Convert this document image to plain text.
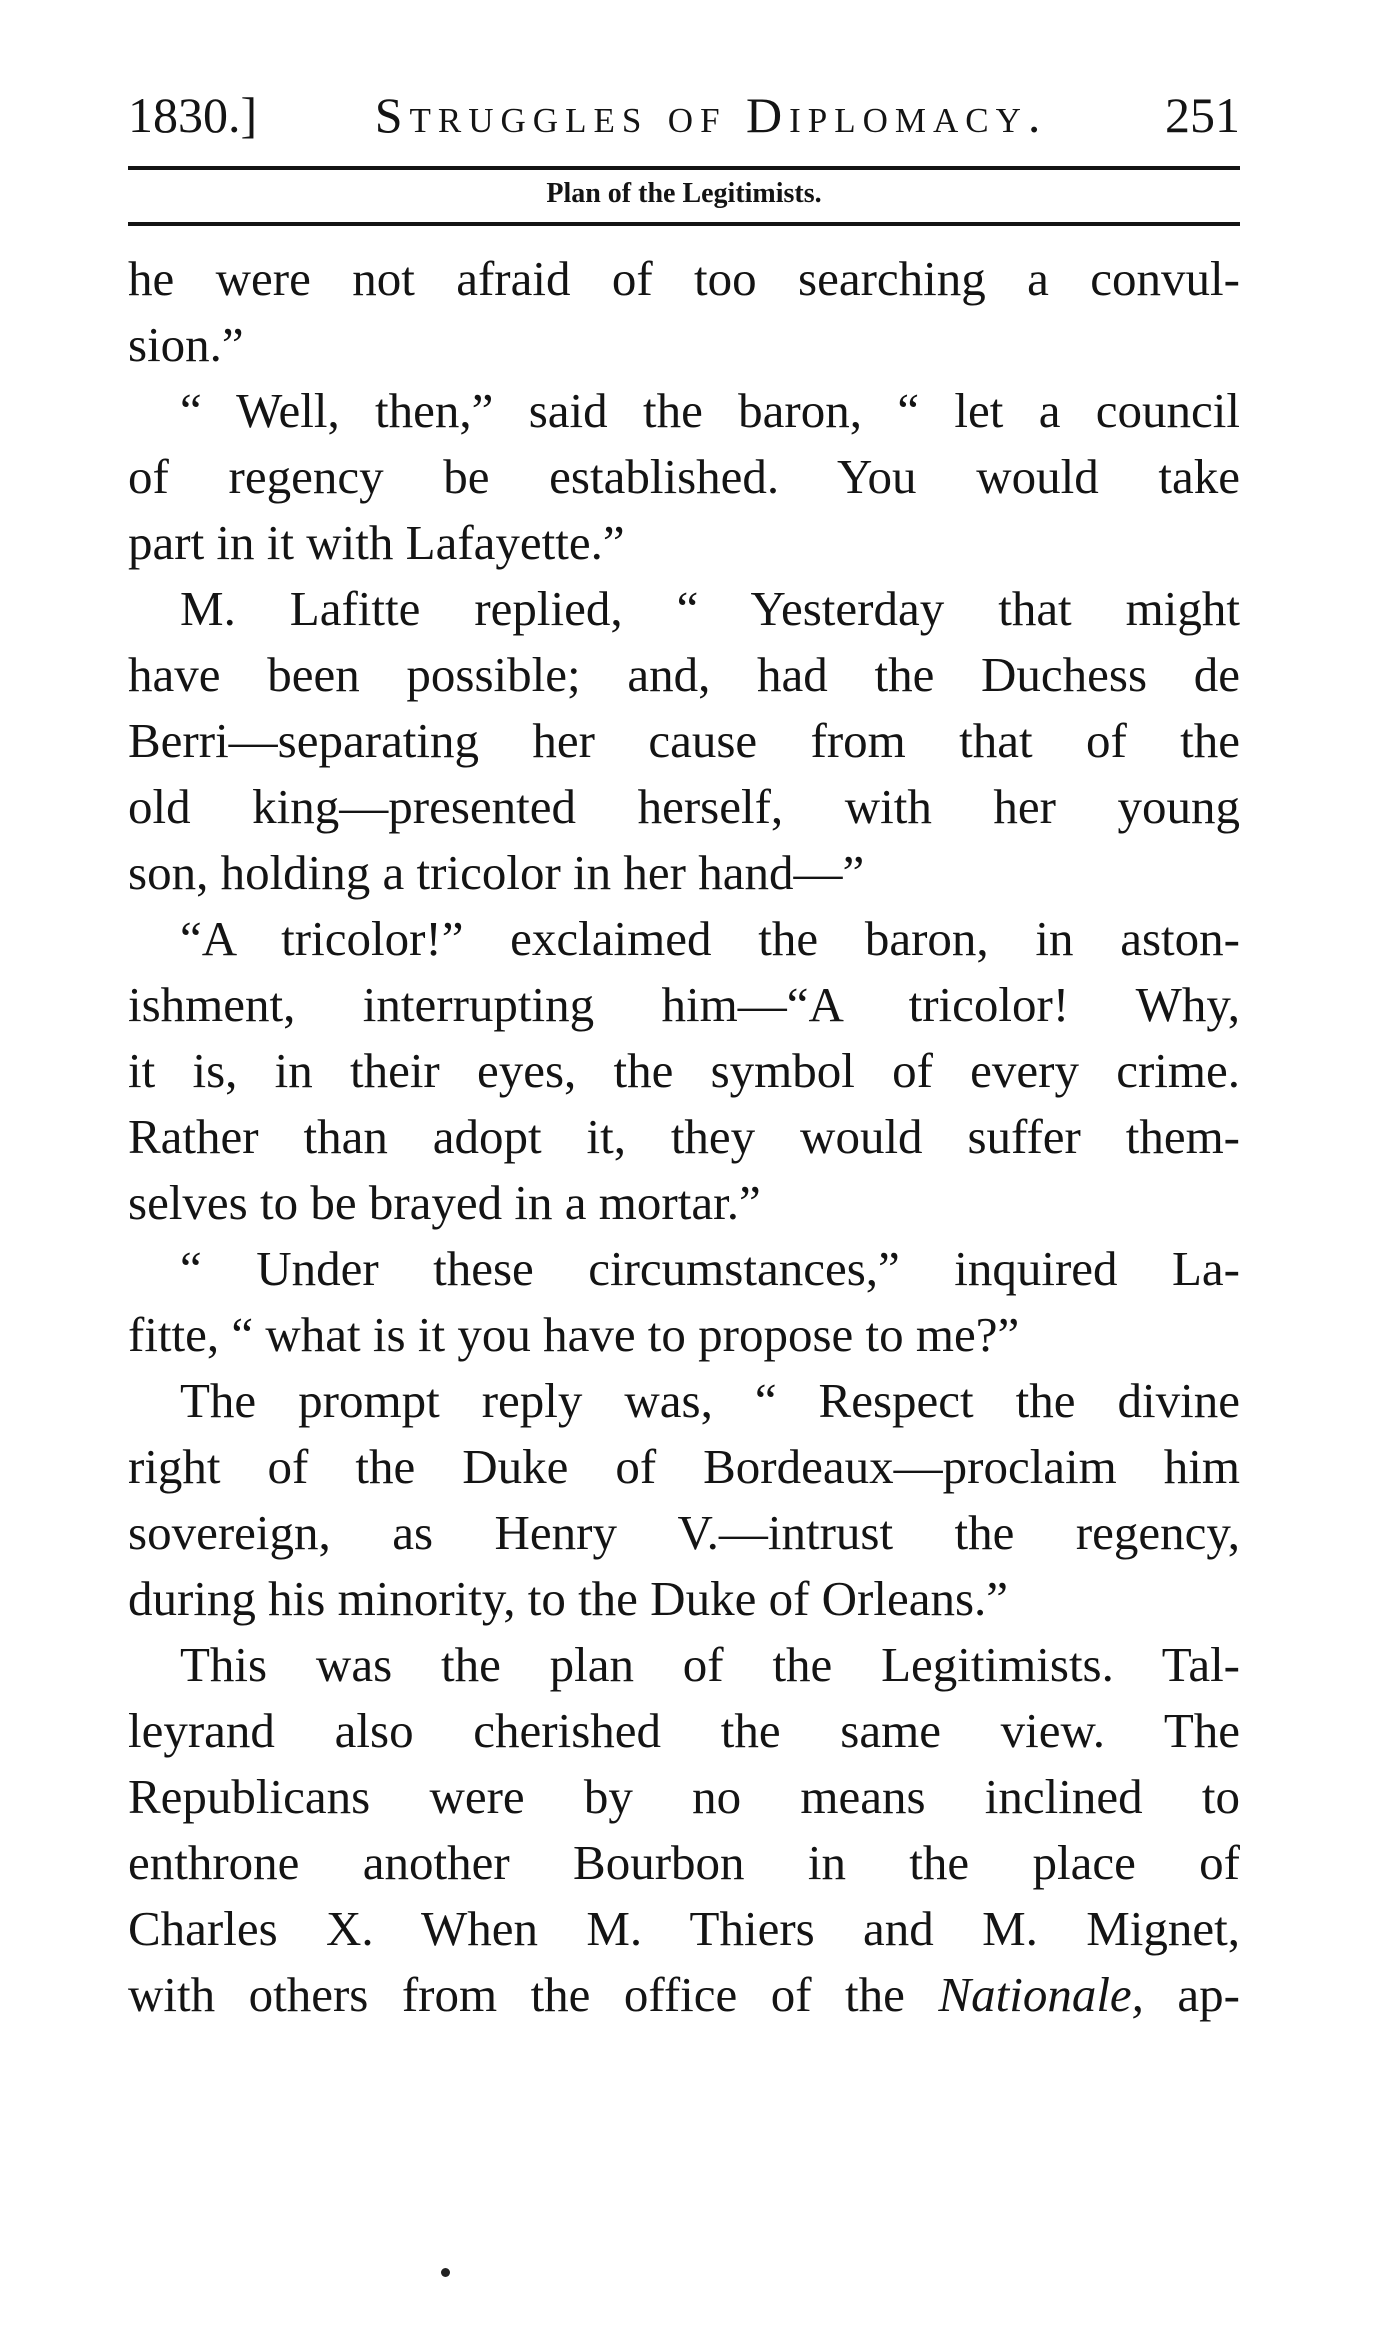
1830.]	Struggles of Diplomacy.	251
Plan of the Legitimists.

he were not afraid of too searching a convul-

sion.”

“ Well, then,” said the baron, “ let a council

of regency be established. You would take

part in it with Lafayette.”

M. Lafitte replied, “ Yesterday that might

have been possible; and, had the Duchess de

Berri—separating her cause from that of the

old king—presented herself, with her young

son, holding a tricolor in her hand—”

“A tricolor!” exclaimed the baron, in aston-

ishment, interrupting him—“A tricolor! Why,

it is, in their eyes, the symbol of every crime.

Rather than adopt it, they would suffer them-

selves to be brayed in a mortar.”

“ Under these circumstances,” inquired La-

fitte, “ what is it you have to propose to me?”

The prompt reply was, “ Respect the divine

right of the Duke of Bordeaux—proclaim him

sovereign, as Henry V.—intrust the regency,

during his minority, to the Duke of Orleans.”

This was the plan of the Legitimists. Tal-

leyrand also cherished the same view. The

Republicans were by no means inclined to

enthrone another Bourbon in the place of

Charles X. When M. Thiers and M. Mignet,

with others from the office of the Nationale, ap-
